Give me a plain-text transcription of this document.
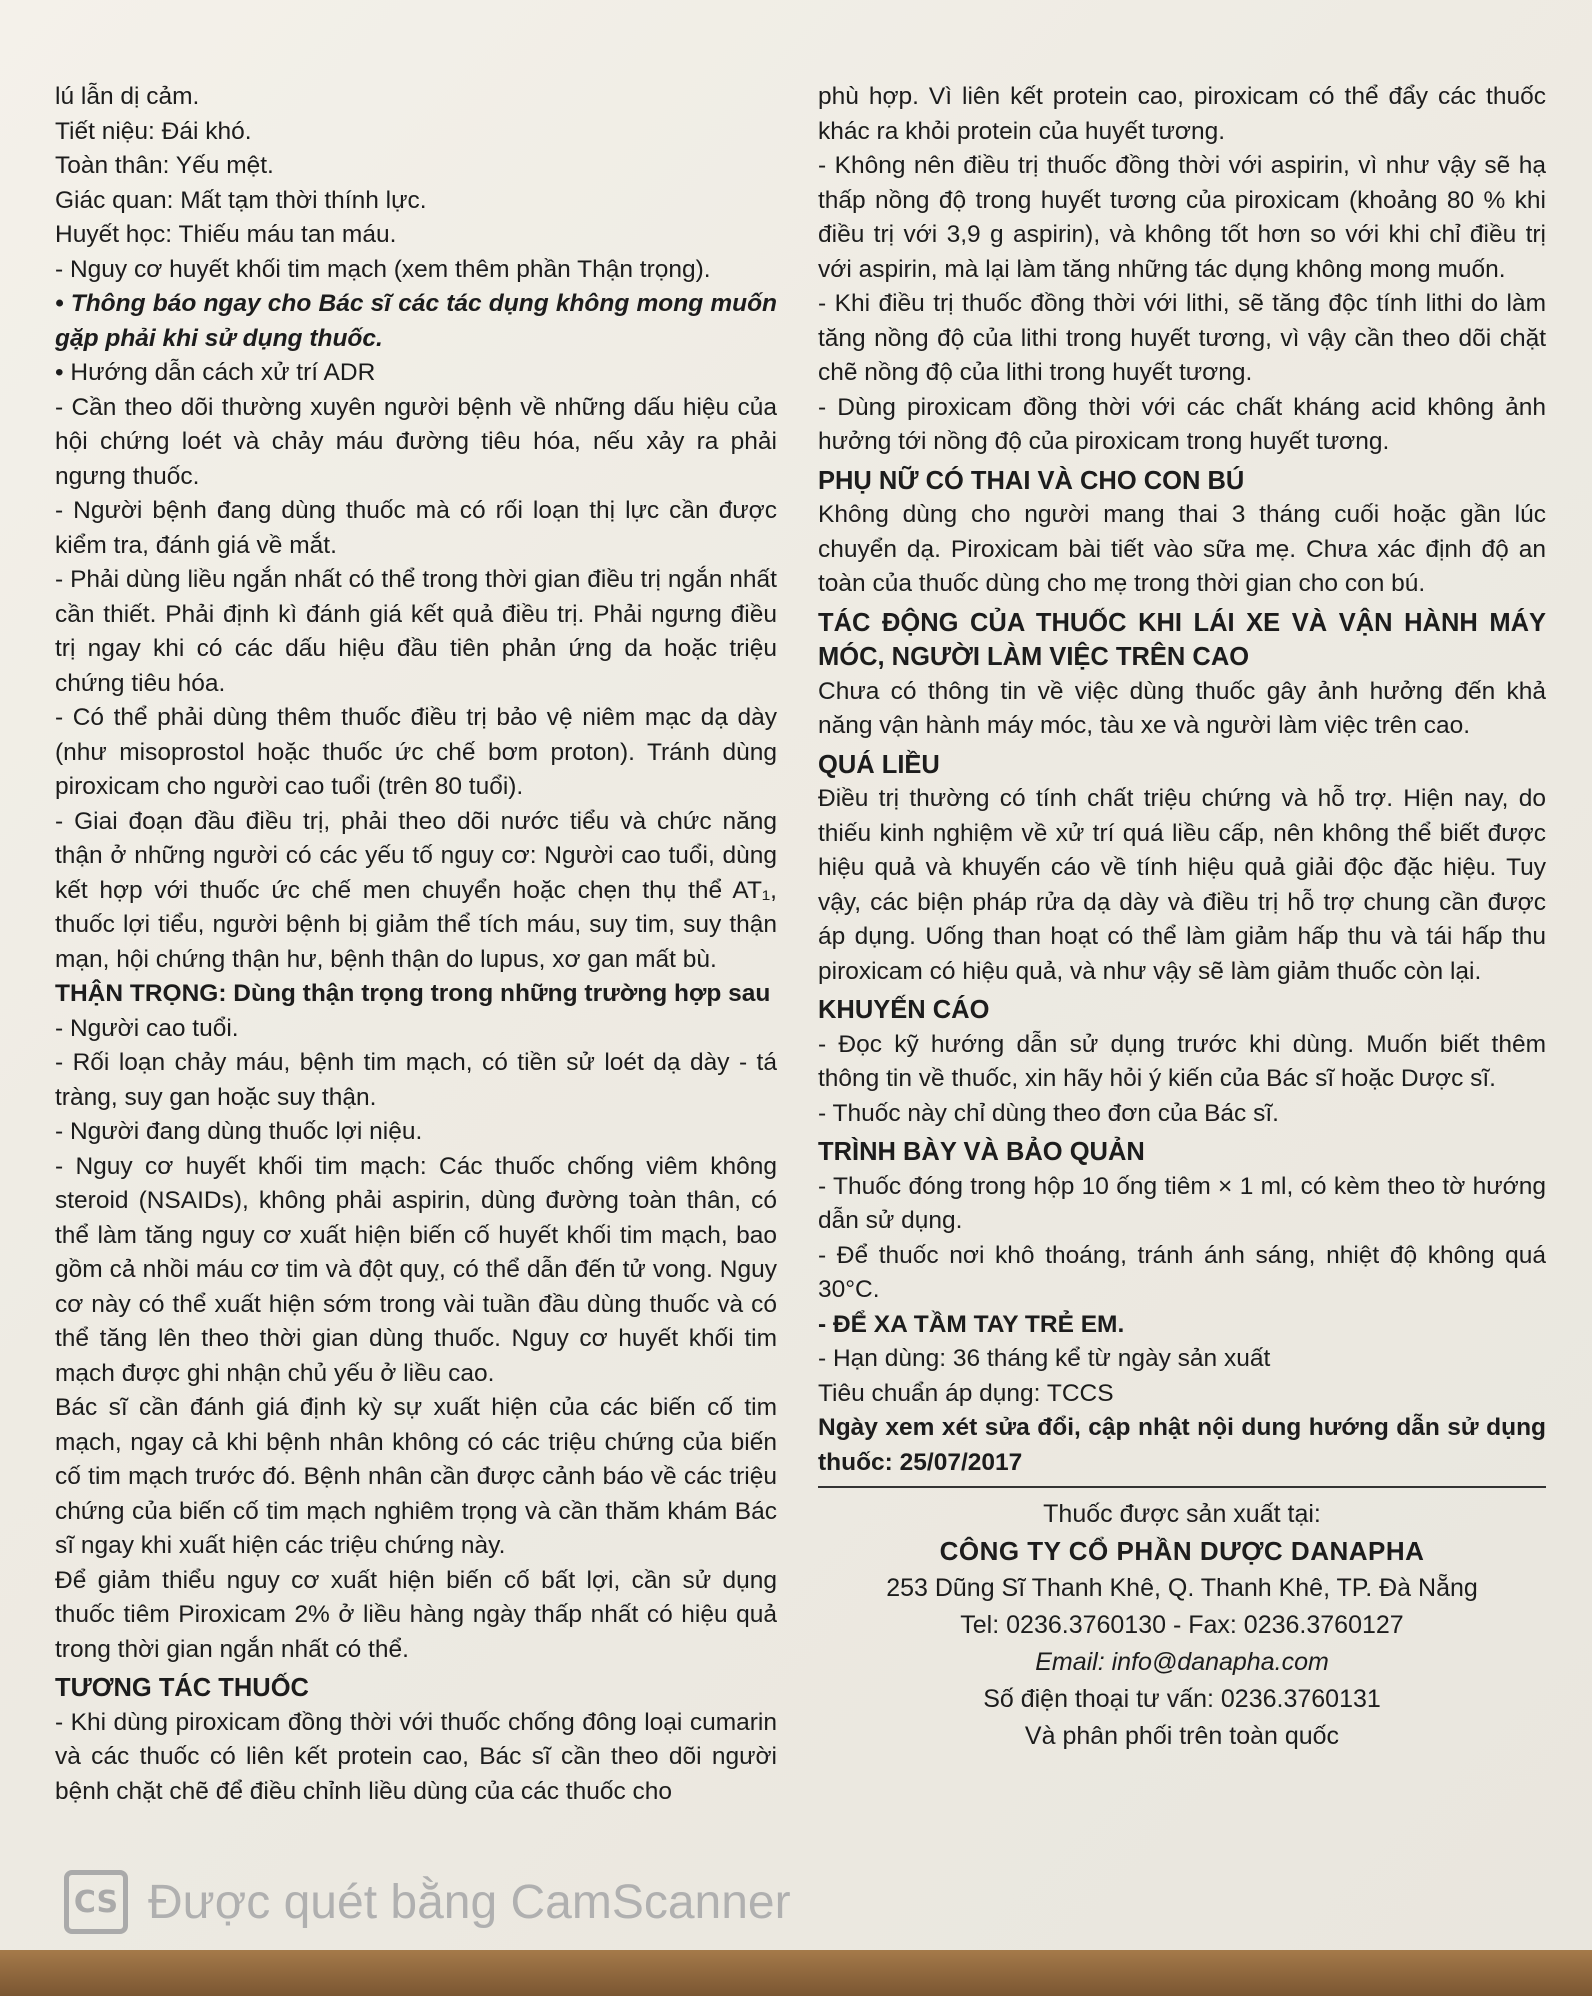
lú lẫn dị cảm.

Tiết niệu: Đái khó.

Toàn thân: Yếu mệt.

Giác quan: Mất tạm thời thính lực.

Huyết học: Thiếu máu tan máu.

- Nguy cơ huyết khối tim mạch (xem thêm phần Thận trọng).

• Thông báo ngay cho Bác sĩ các tác dụng không mong muốn gặp phải khi sử dụng thuốc.

• Hướng dẫn cách xử trí ADR

- Cần theo dõi thường xuyên người bệnh về những dấu hiệu của hội chứng loét và chảy máu đường tiêu hóa, nếu xảy ra phải ngưng thuốc.

- Người bệnh đang dùng thuốc mà có rối loạn thị lực cần được kiểm tra, đánh giá về mắt.

- Phải dùng liều ngắn nhất có thể trong thời gian điều trị ngắn nhất cần thiết. Phải định kì đánh giá kết quả điều trị. Phải ngưng điều trị ngay khi có các dấu hiệu đầu tiên phản ứng da hoặc triệu chứng tiêu hóa.

- Có thể phải dùng thêm thuốc điều trị bảo vệ niêm mạc dạ dày (như misoprostol hoặc thuốc ức chế bơm proton). Tránh dùng piroxicam cho người cao tuổi (trên 80 tuổi).

- Giai đoạn đầu điều trị, phải theo dõi nước tiểu và chức năng thận ở những người có các yếu tố nguy cơ: Người cao tuổi, dùng kết hợp với thuốc ức chế men chuyển hoặc chẹn thụ thể AT₁, thuốc lợi tiểu, người bệnh bị giảm thể tích máu, suy tim, suy thận mạn, hội chứng thận hư, bệnh thận do lupus, xơ gan mất bù.

THẬN TRỌNG: Dùng thận trọng trong những trường hợp sau

- Người cao tuổi.

- Rối loạn chảy máu, bệnh tim mạch, có tiền sử loét dạ dày - tá tràng, suy gan hoặc suy thận.

- Người đang dùng thuốc lợi niệu.

- Nguy cơ huyết khối tim mạch: Các thuốc chống viêm không steroid (NSAIDs), không phải aspirin, dùng đường toàn thân, có thể làm tăng nguy cơ xuất hiện biến cố huyết khối tim mạch, bao gồm cả nhồi máu cơ tim và đột quỵ, có thể dẫn đến tử vong. Nguy cơ này có thể xuất hiện sớm trong vài tuần đầu dùng thuốc và có thể tăng lên theo thời gian dùng thuốc. Nguy cơ huyết khối tim mạch được ghi nhận chủ yếu ở liều cao.

Bác sĩ cần đánh giá định kỳ sự xuất hiện của các biến cố tim mạch, ngay cả khi bệnh nhân không có các triệu chứng của biến cố tim mạch trước đó. Bệnh nhân cần được cảnh báo về các triệu chứng của biến cố tim mạch nghiêm trọng và cần thăm khám Bác sĩ ngay khi xuất hiện các triệu chứng này.

Để giảm thiểu nguy cơ xuất hiện biến cố bất lợi, cần sử dụng thuốc tiêm Piroxicam 2% ở liều hàng ngày thấp nhất có hiệu quả trong thời gian ngắn nhất có thể.

TƯƠNG TÁC THUỐC

- Khi dùng piroxicam đồng thời với thuốc chống đông loại cumarin và các thuốc có liên kết protein cao, Bác sĩ cần theo dõi người bệnh chặt chẽ để điều chỉnh liều dùng của các thuốc cho

phù hợp. Vì liên kết protein cao, piroxicam có thể đẩy các thuốc khác ra khỏi protein của huyết tương.

- Không nên điều trị thuốc đồng thời với aspirin, vì như vậy sẽ hạ thấp nồng độ trong huyết tương của piroxicam (khoảng 80 % khi điều trị với 3,9 g aspirin), và không tốt hơn so với khi chỉ điều trị với aspirin, mà lại làm tăng những tác dụng không mong muốn.

- Khi điều trị thuốc đồng thời với lithi, sẽ tăng độc tính lithi do làm tăng nồng độ của lithi trong huyết tương, vì vậy cần theo dõi chặt chẽ nồng độ của lithi trong huyết tương.

- Dùng piroxicam đồng thời với các chất kháng acid không ảnh hưởng tới nồng độ của piroxicam trong huyết tương.

PHỤ NỮ CÓ THAI VÀ CHO CON BÚ

Không dùng cho người mang thai 3 tháng cuối hoặc gần lúc chuyển dạ. Piroxicam bài tiết vào sữa mẹ. Chưa xác định độ an toàn của thuốc dùng cho mẹ trong thời gian cho con bú.

TÁC ĐỘNG CỦA THUỐC KHI LÁI XE VÀ VẬN HÀNH MÁY MÓC, NGƯỜI LÀM VIỆC TRÊN CAO

Chưa có thông tin về việc dùng thuốc gây ảnh hưởng đến khả năng vận hành máy móc, tàu xe và người làm việc trên cao.

QUÁ LIỀU

Điều trị thường có tính chất triệu chứng và hỗ trợ. Hiện nay, do thiếu kinh nghiệm về xử trí quá liều cấp, nên không thể biết được hiệu quả và khuyến cáo về tính hiệu quả giải độc đặc hiệu. Tuy vậy, các biện pháp rửa dạ dày và điều trị hỗ trợ chung cần được áp dụng. Uống than hoạt có thể làm giảm hấp thu và tái hấp thu piroxicam có hiệu quả, và như vậy sẽ làm giảm thuốc còn lại.

KHUYẾN CÁO

- Đọc kỹ hướng dẫn sử dụng trước khi dùng. Muốn biết thêm thông tin về thuốc, xin hãy hỏi ý kiến của Bác sĩ hoặc Dược sĩ.

- Thuốc này chỉ dùng theo đơn của Bác sĩ.

TRÌNH BÀY VÀ BẢO QUẢN

- Thuốc đóng trong hộp 10 ống tiêm × 1 ml, có kèm theo tờ hướng dẫn sử dụng.

- Để thuốc nơi khô thoáng, tránh ánh sáng, nhiệt độ không quá 30°C.

- ĐỂ XA TẦM TAY TRẺ EM.

- Hạn dùng: 36 tháng kể từ ngày sản xuất

Tiêu chuẩn áp dụng: TCCS

Ngày xem xét sửa đổi, cập nhật nội dung hướng dẫn sử dụng thuốc: 25/07/2017

Thuốc được sản xuất tại:
CÔNG TY CỔ PHẦN DƯỢC DANAPHA
253 Dũng Sĩ Thanh Khê, Q. Thanh Khê, TP. Đà Nẵng
Tel: 0236.3760130 - Fax: 0236.3760127
Email: info@danapha.com
Số điện thoại tư vấn: 0236.3760131
Và phân phối trên toàn quốc
CS Được quét bằng CamScanner
